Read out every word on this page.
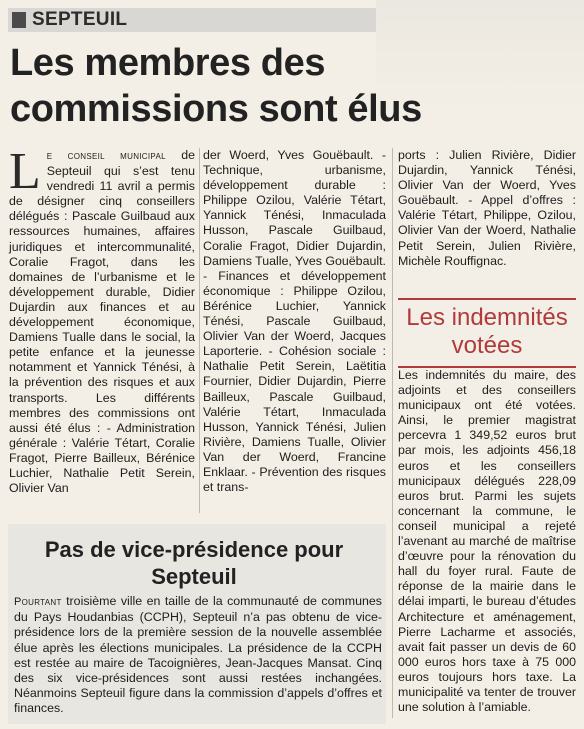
SEPTEUIL
Les membres des commissions sont élus
Le conseil municipal de Septeuil qui s’est tenu vendredi 11 avril a permis de désigner cinq conseillers délégués : Pascale Guilbaud aux ressources humaines, affaires juridiques et intercommunalité, Coralie Fragot, dans les domaines de l’urbanisme et le développement durable, Didier Dujardin aux finances et au développement économique, Damiens Tualle dans le social, la petite enfance et la jeunesse notamment et Yannick Ténési, à la prévention des risques et aux transports. Les différents membres des commissions ont aussi été élus : - Administration générale : Valérie Tétart, Coralie Fragot, Pierre Bailleux, Bérénice Luchier, Nathalie Petit Serein, Olivier Van
der Woerd, Yves Gouëbault. - Technique, urbanisme, développement durable : Philippe Ozilou, Valérie Tétart, Yannick Ténési, Inmaculada Husson, Pascale Guilbaud, Coralie Fragot, Didier Dujardin, Damiens Tualle, Yves Gouëbault. - Finances et développement économique : Philippe Ozilou, Bérénice Luchier, Yannick Ténési, Pascale Guilbaud, Olivier Van der Woerd, Jacques Laporterie. - Cohésion sociale : Nathalie Petit Serein, Laëtitia Fournier, Didier Dujardin, Pierre Bailleux, Pascale Guilbaud, Valérie Tétart, Inmaculada Husson, Yannick Ténési, Julien Rivière, Damiens Tualle, Olivier Van der Woerd, Francine Enklaar. - Prévention des risques et trans-
ports : Julien Rivière, Didier Dujardin, Yannick Ténési, Olivier Van der Woerd, Yves Gouëbault. - Appel d’offres : Valérie Tétart, Philippe, Ozilou, Olivier Van der Woerd, Nathalie Petit Serein, Julien Rivière, Michèle Rouffignac.
Les indemnités votées
Les indemnités du maire, des adjoints et des conseillers municipaux ont été votées. Ainsi, le premier magistrat percevra 1 349,52 euros brut par mois, les adjoints 456,18 euros et les conseillers municipaux délégués 228,09 euros brut. Parmi les sujets concernant la commune, le conseil municipal a rejeté l’avenant au marché de maîtrise d’œuvre pour la rénovation du hall du foyer rural. Faute de réponse de la mairie dans le délai imparti, le bureau d’études Architecture et aménagement, Pierre Lacharme et associés, avait fait passer un devis de 60 000 euros hors taxe à 75 000 euros toujours hors taxe. La municipalité va tenter de trouver une solution à l’amiable.
Pas de vice-présidence pour Septeuil
Pourtant troisième ville en taille de la communauté de communes du Pays Houdanbias (CCPH), Septeuil n’a pas obtenu de vice-présidence lors de la première session de la nouvelle assemblée élue après les élections municipales. La présidence de la CCPH est restée au maire de Tacoignières, Jean-Jacques Mansat. Cinq des six vice-présidences sont aussi restées inchangées. Néanmoins Septeuil figure dans la commission d’appels d’offres et finances.
